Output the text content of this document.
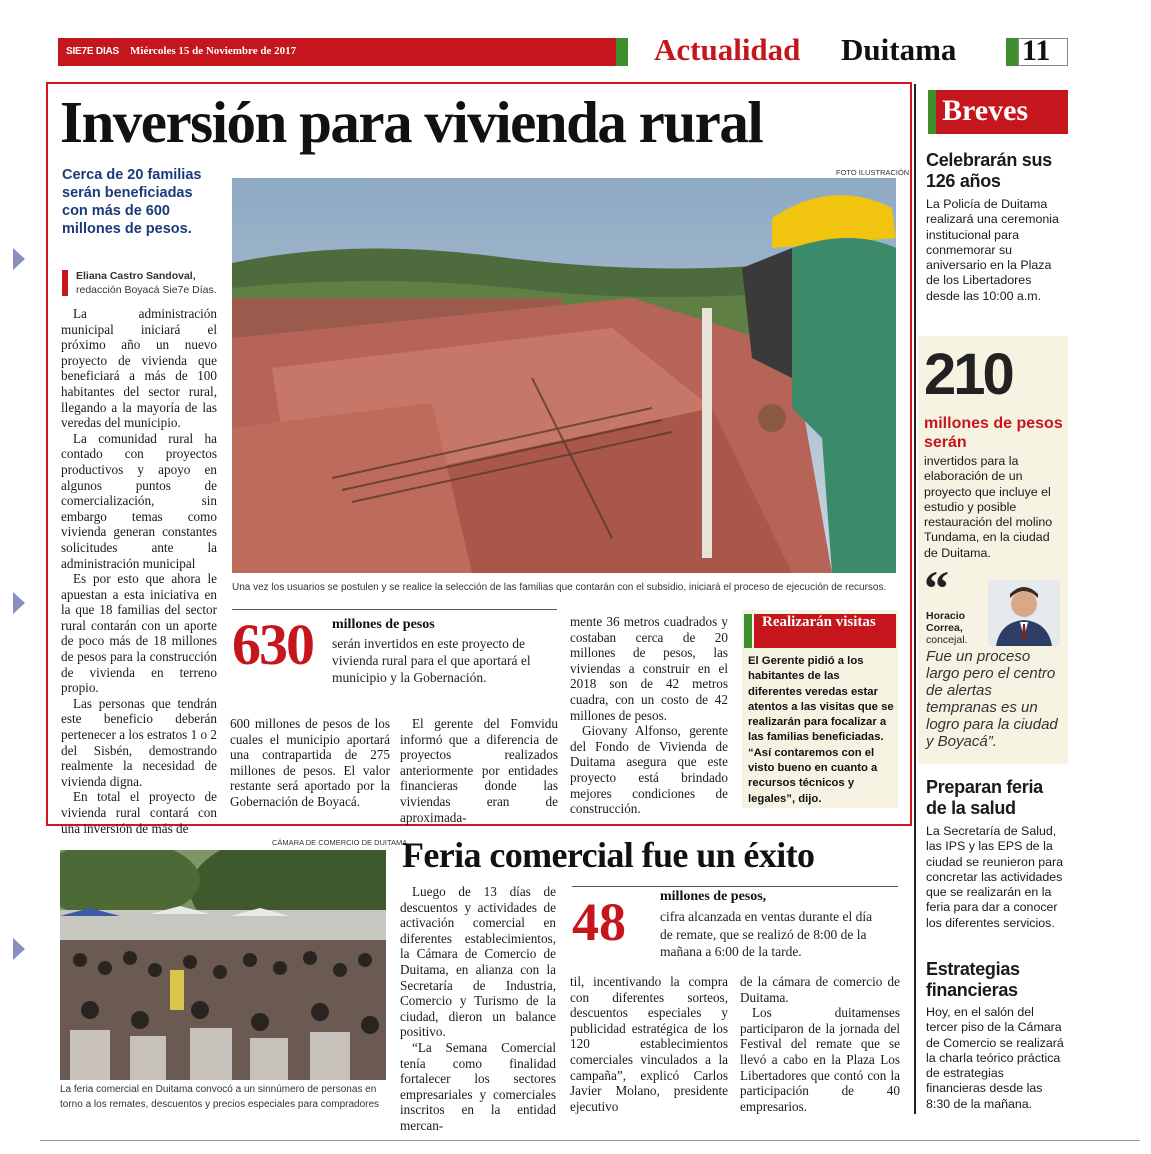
SIE7E DIAS Miércoles 15 de Noviembre de 2017	Actualidad Duitama 11
Inversión para vivienda rural
Cerca de 20 familias serán beneficiadas con más de 600 millones de pesos.
Eliana Castro Sandoval,
redacción Boyacá Sie7e Días.

La administración municipal iniciará el próximo año un nuevo proyecto de vivienda que beneficiará a más de 100 habitantes del sector rural, llegando a la mayoría de las veredas del municipio.

La comunidad rural ha contado con proyectos productivos y apoyo en algunos puntos de comercialización, sin embargo temas como vivienda generan constantes solicitudes ante la administración municipal

Es por esto que ahora le apuestan a esta iniciativa en la que 18 familias del sector rural contarán con un aporte de poco más de 18 millones de pesos para la construcción de vivienda en terreno propio.

Las personas que tendrán este beneficio deberán pertenecer a los estratos 1 o 2 del Sisbén, demostrando realmente la necesidad de vivienda digna.

En total el proyecto de vivienda rural contará con una inversión de más de

FOTO ILUSTRACIÓN
Una vez los usuarios se postulen y se realice la selección de las familias que contarán con el subsidio, iniciará el proceso de ejecución de recursos.
630 millones de pesos
serán invertidos en este proyecto de vivienda rural para el que aportará el municipio y la Gobernación.

600 millones de pesos de los cuales el municipio aportará una contrapartida de 275 millones de pesos. El valor restante será aportado por la Gobernación de Boyacá.

El gerente del Fomvidu informó que a diferencia de proyectos realizados anteriormente por entidades financieras donde las viviendas eran de aproximada-

mente 36 metros cuadrados y costaban cerca de 20 millones de pesos, las viviendas a construir en el 2018 son de 42 metros cuadra, con un costo de 42 millones de pesos.

Giovany Alfonso, gerente del Fondo de Vivienda de Duitama asegura que este proyecto está brindado mejores condiciones de construcción.

Realizarán visitas
El Gerente pidió a los habitantes de las diferentes veredas estar atentos a las visitas que se realizarán para focalizar a las familias beneficiadas. “Así contaremos con el visto bueno en cuanto a recursos técnicos y legales”, dijo.
Breves
Celebrarán sus 126 años
La Policía de Duitama realizará una ceremonia institucional para conmemorar su aniversario en la Plaza de los Libertadores desde las 10:00 a.m.
210
millones de pesos serán
invertidos para la elaboración de un proyecto que incluye el estudio y posible restauración del molino Tundama, en la ciudad de Duitama.
“
Horacio Correa,
concejal.
Fue un proceso largo pero el centro de alertas tempranas es un logro para la ciudad y Boyacá”.
Preparan feria de la salud
La Secretaría de Salud, las IPS y las EPS de la ciudad se reunieron para concretar las actividades que se realizarán en la feria para dar a conocer los diferentes servicios.
Estrategias financieras
Hoy, en el salón del tercer piso de la Cámara de Comercio se realizará la charla teórico práctica de estrategias financieras desde las 8:30 de la mañana.
CÁMARA DE COMERCIO DE DUITAMA
La feria comercial en Duitama convocó a un sinnúmero de personas en torno a los remates, descuentos y precios especiales para compradores
Feria comercial fue un éxito

Luego de 13 días de descuentos y actividades de activación comercial en diferentes establecimientos, la Cámara de Comercio de Duitama, en alianza con la Secretaría de Industria, Comercio y Turismo de la ciudad, dieron un balance positivo.

“La Semana Comercial tenía como finalidad fortalecer los sectores empresariales y comerciales inscritos en la entidad mercan-

48 millones de pesos,
cifra alcanzada en ventas durante el día de remate, que se realizó de 8:00 de la mañana a 6:00 de la tarde.

til, incentivando la compra con diferentes sorteos, descuentos especiales y publicidad estratégica de los 120 establecimientos comerciales vinculados a la campaña”, explicó Carlos Javier Molano, presidente ejecutivo

de la cámara de comercio de Duitama.

Los duitamenses participaron de la jornada del Festival del remate que se llevó a cabo en la Plaza Los Libertadores que contó con la participación de 40 empresarios.
